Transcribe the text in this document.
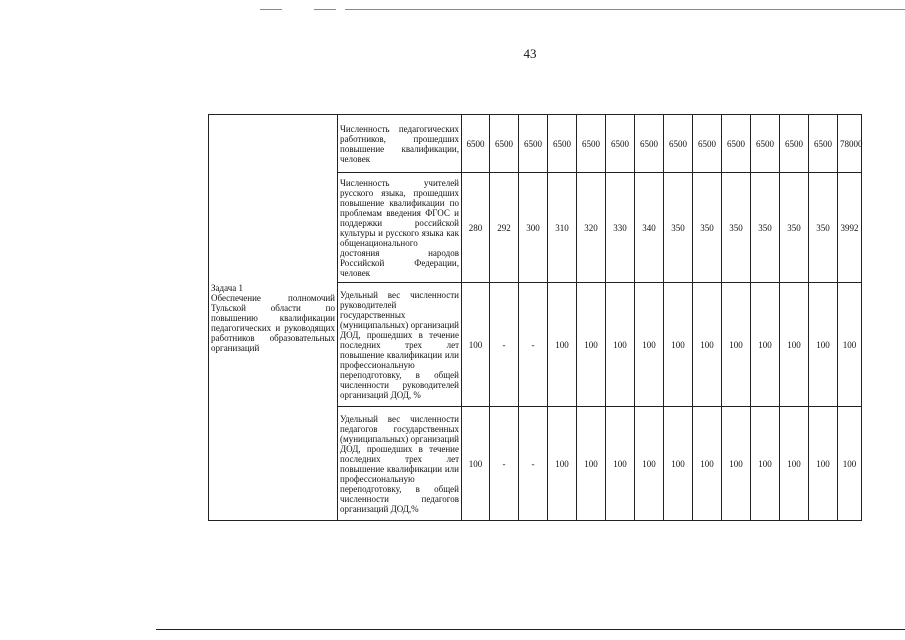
43
Задача 1
Обеспечение полномочий Тульской области по повышению квалификации педагогических и руководящих работников образовательных организаций	Численность педагогических работников, прошедших повышение квалификации, человек	6500	6500	6500	6500	6500	6500	6500	6500	6500	6500	6500	6500	6500	78000
	Численность учителей русского языка, прошедших повышение квалификации по проблемам введения ФГОС и поддержки российской культуры и русского языка как общенационального достояния народов Российской Федерации, человек	280	292	300	310	320	330	340	350	350	350	350	350	350	3992
	Удельный вес численности руководителей государственных (муниципальных) организаций ДОД, прошедших в течение последних трех лет повышение квалификации или профессиональную переподготовку, в общей численности руководителей организаций ДОД, %	100	-	-	100	100	100	100	100	100	100	100	100	100	100
	Удельный вес численности педагогов государственных (муниципальных) организаций ДОД, прошедших в течение последних трех лет повышение квалификации или профессиональную переподготовку, в общей численности педагогов организаций ДОД,%	100	-	-	100	100	100	100	100	100	100	100	100	100	100
